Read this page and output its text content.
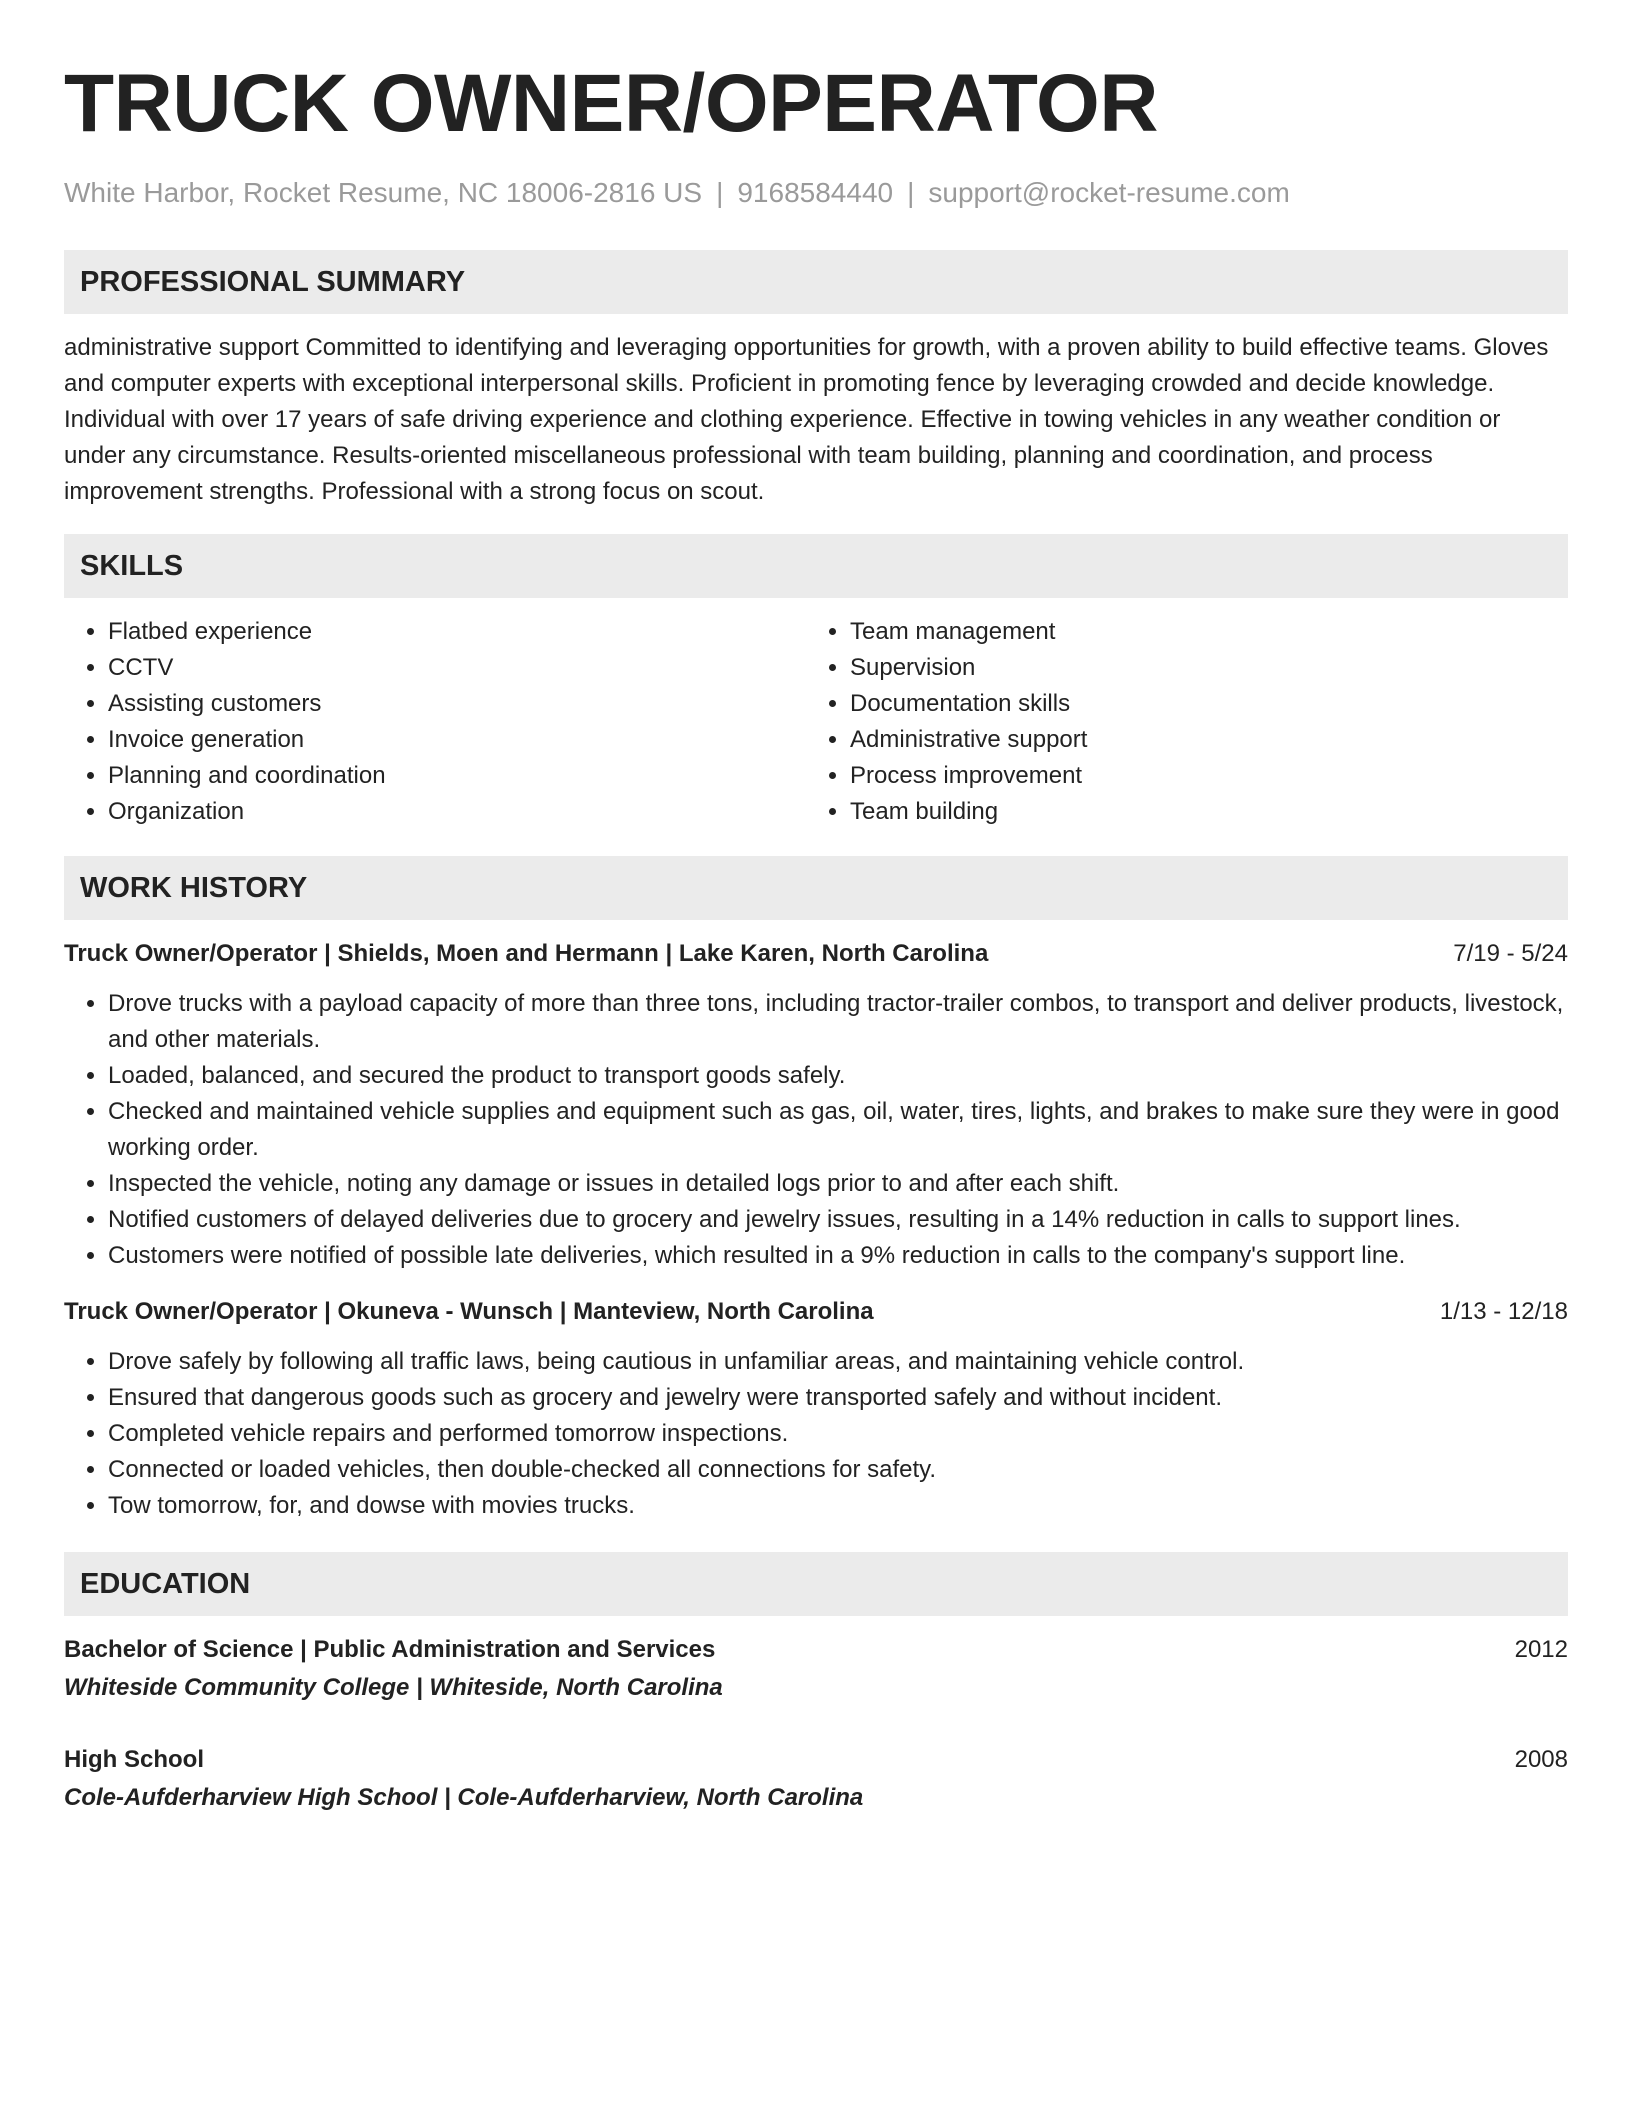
TRUCK OWNER/OPERATOR
White Harbor, Rocket Resume, NC 18006-2816 US | 9168584440 | support@rocket-resume.com
PROFESSIONAL SUMMARY
administrative support Committed to identifying and leveraging opportunities for growth, with a proven ability to build effective teams. Gloves and computer experts with exceptional interpersonal skills. Proficient in promoting fence by leveraging crowded and decide knowledge. Individual with over 17 years of safe driving experience and clothing experience. Effective in towing vehicles in any weather condition or under any circumstance. Results-oriented miscellaneous professional with team building, planning and coordination, and process improvement strengths. Professional with a strong focus on scout.
SKILLS
• Flatbed experience
• CCTV
• Assisting customers
• Invoice generation
• Planning and coordination
• Organization
• Team management
• Supervision
• Documentation skills
• Administrative support
• Process improvement
• Team building
WORK HISTORY
Truck Owner/Operator | Shields, Moen and Hermann | Lake Karen, North Carolina	7/19 - 5/24
• Drove trucks with a payload capacity of more than three tons, including tractor-trailer combos, to transport and deliver products, livestock, and other materials.
• Loaded, balanced, and secured the product to transport goods safely.
• Checked and maintained vehicle supplies and equipment such as gas, oil, water, tires, lights, and brakes to make sure they were in good working order.
• Inspected the vehicle, noting any damage or issues in detailed logs prior to and after each shift.
• Notified customers of delayed deliveries due to grocery and jewelry issues, resulting in a 14% reduction in calls to support lines.
• Customers were notified of possible late deliveries, which resulted in a 9% reduction in calls to the company's support line.
Truck Owner/Operator | Okuneva - Wunsch | Manteview, North Carolina	1/13 - 12/18
• Drove safely by following all traffic laws, being cautious in unfamiliar areas, and maintaining vehicle control.
• Ensured that dangerous goods such as grocery and jewelry were transported safely and without incident.
• Completed vehicle repairs and performed tomorrow inspections.
• Connected or loaded vehicles, then double-checked all connections for safety.
• Tow tomorrow, for, and dowse with movies trucks.
EDUCATION
Bachelor of Science | Public Administration and Services	2012
Whiteside Community College | Whiteside, North Carolina
High School	2008
Cole-Aufderharview High School | Cole-Aufderharview, North Carolina
